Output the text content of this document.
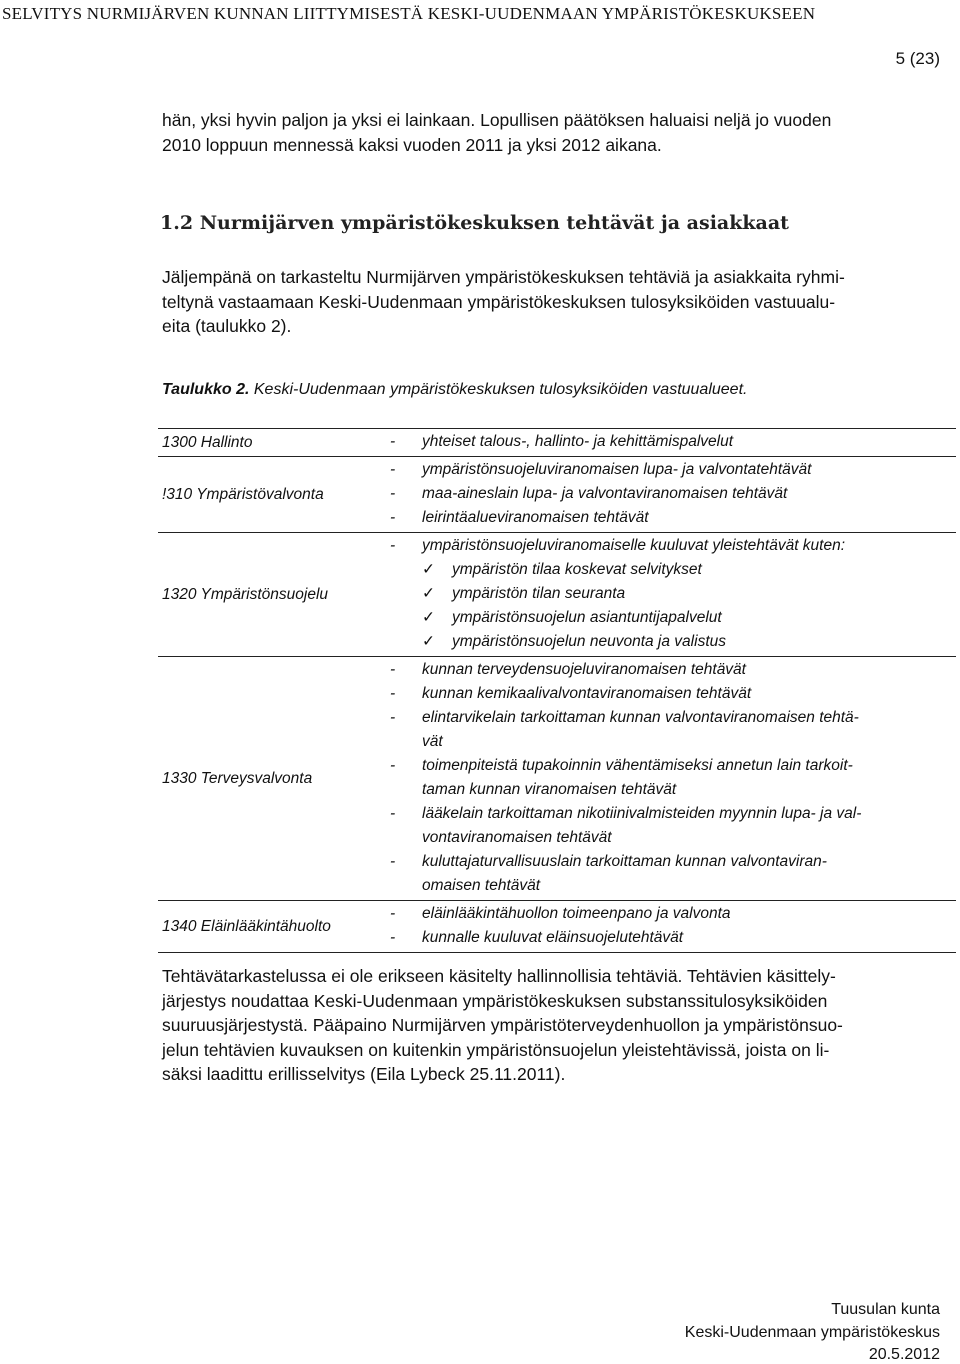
SELVITYS NURMIJÄRVEN KUNNAN LIITTYMISESTÄ KESKI-UUDENMAAN YMPÄRISTÖKESKUKSEEN
5 (23)

hän, yksi hyvin paljon ja yksi ei lainkaan. Lopullisen päätöksen haluaisi neljä jo vuoden
2010 loppuun mennessä kaksi vuoden 2011 ja yksi 2012 aikana.

1.2 Nurmijärven ympäristökeskuksen tehtävät ja asiakkaat

Jäljempänä on tarkasteltu Nurmijärven ympäristökeskuksen tehtäviä ja asiakkaita ryhmi-
teltynä vastaamaan Keski-Uudenmaan ympäristökeskuksen tulosyksiköiden vastuualu-
eita (taulukko 2).

Taulukko 2. Keski-Uudenmaan ympäristökeskuksen tulosyksiköiden vastuualueet.
1300 Hallinto	- yhteiset talous-, hallinto- ja kehittämispalvelut
!310 Ympäristövalvonta
- ympäristönsuojeluviranomaisen lupa- ja valvontatehtävät
- maa-aineslain lupa- ja valvontaviranomaisen tehtävät
- leirintäalueviranomaisen tehtävät
1320 Ympäristönsuojelu
- ympäristönsuojeluviranomaiselle kuuluvat yleistehtävät kuten:
✓ ympäristön tilaa koskevat selvitykset
✓ ympäristön tilan seuranta
✓ ympäristönsuojelun asiantuntijapalvelut
✓ ympäristönsuojelun neuvonta ja valistus
1330 Terveysvalvonta
- kunnan terveydensuojeluviranomaisen tehtävät
- kunnan kemikaalivalvontaviranomaisen tehtävät
- elintarvikelain tarkoittaman kunnan valvontaviranomaisen tehtä-
vät
- toimenpiteistä tupakoinnin vähentämiseksi annetun lain tarkoit-
taman kunnan viranomaisen tehtävät
- lääkelain tarkoittaman nikotiinivalmisteiden myynnin lupa- ja val-
vontaviranomaisen tehtävät
- kuluttajaturvallisuuslain tarkoittaman kunnan valvontaviran-
omaisen tehtävät
1340 Eläinlääkintähuolto
- eläinlääkintähuollon toimeenpano ja valvonta
- kunnalle kuuluvat eläinsuojelutehtävät

Tehtävätarkastelussa ei ole erikseen käsitelty hallinnollisia tehtäviä. Tehtävien käsittely-
järjestys noudattaa Keski-Uudenmaan ympäristökeskuksen substanssitulosyksiköiden
suuruusjärjestystä. Pääpaino Nurmijärven ympäristöterveydenhuollon ja ympäristönsuo-
jelun tehtävien kuvauksen on kuitenkin ympäristönsuojelun yleistehtävissä, joista on li-
säksi laadittu erillisselvitys (Eila Lybeck 25.11.2011).

Tuusulan kunta
Keski-Uudenmaan ympäristökeskus
20.5.2012
